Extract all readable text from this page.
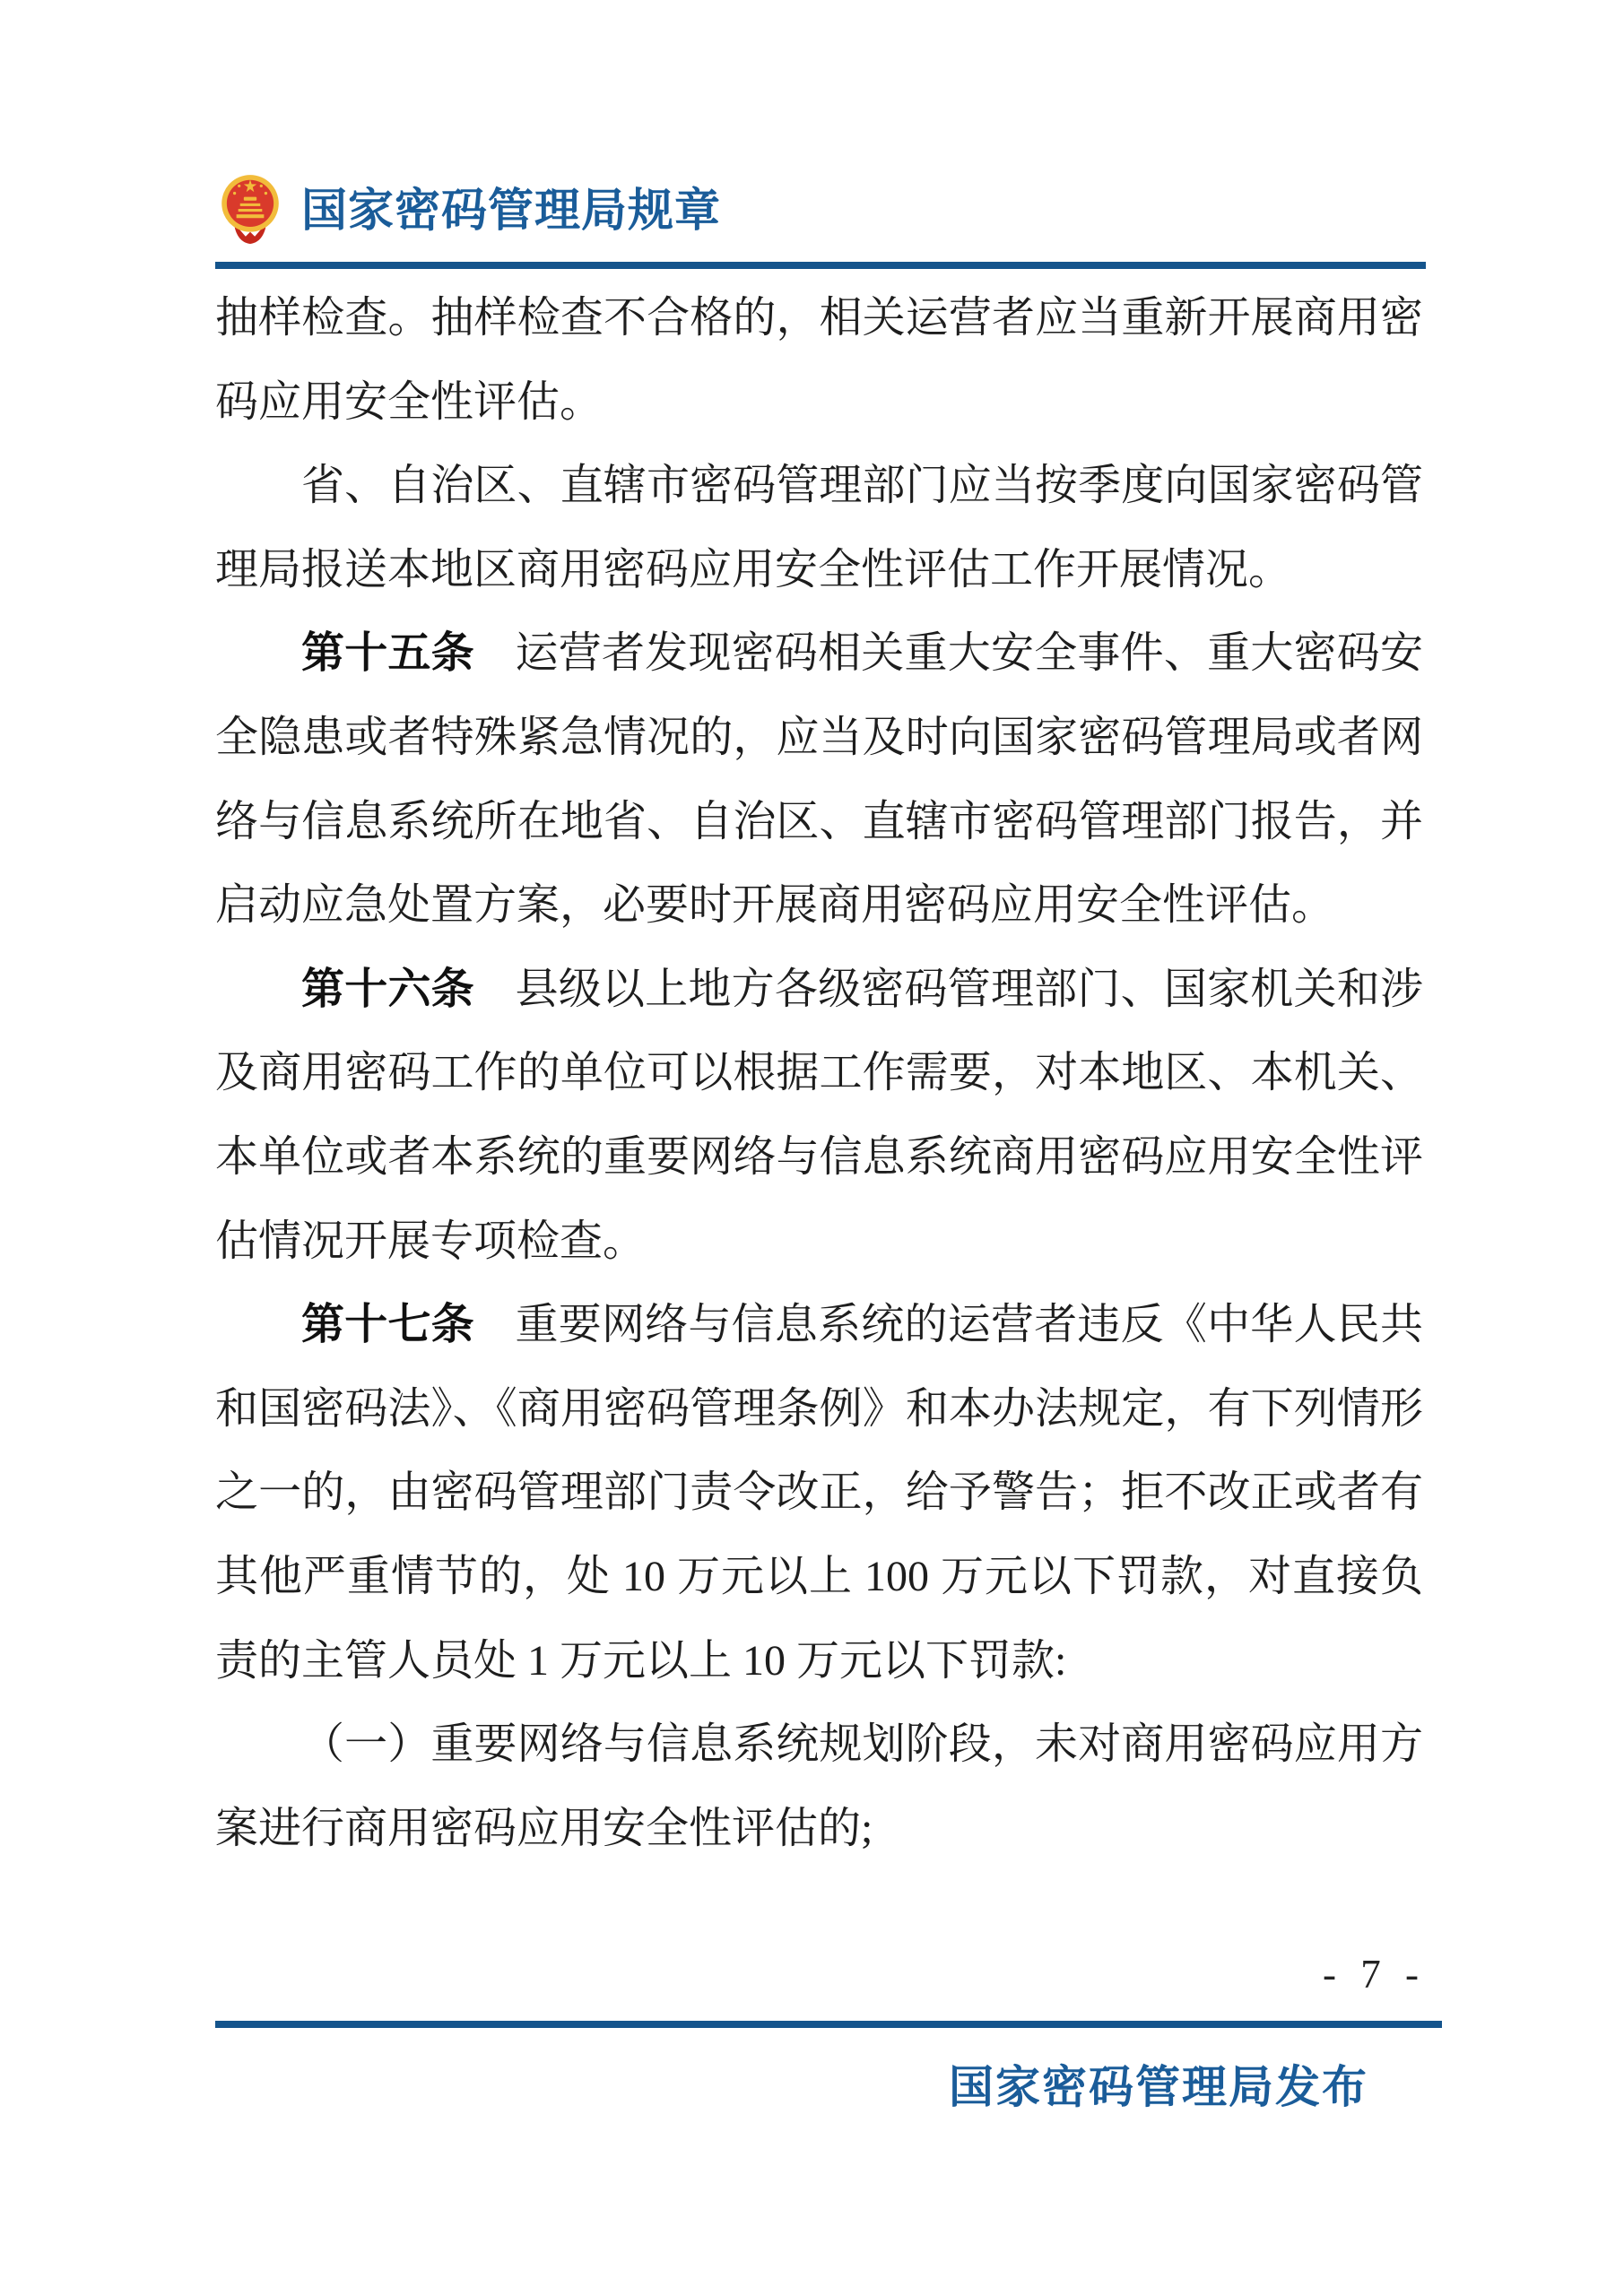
国家密码管理局规章

抽样检查。抽样检查不合格的，相关运营者应当重新开展商用密码应用安全性评估。

省、自治区、直辖市密码管理部门应当按季度向国家密码管理局报送本地区商用密码应用安全性评估工作开展情况。

第十五条 运营者发现密码相关重大安全事件、重大密码安全隐患或者特殊紧急情况的，应当及时向国家密码管理局或者网络与信息系统所在地省、自治区、直辖市密码管理部门报告，并启动应急处置方案，必要时开展商用密码应用安全性评估。

第十六条 县级以上地方各级密码管理部门、国家机关和涉及商用密码工作的单位可以根据工作需要，对本地区、本机关、本单位或者本系统的重要网络与信息系统商用密码应用安全性评估情况开展专项检查。

第十七条 重要网络与信息系统的运营者违反《中华人民共和国密码法》、《商用密码管理条例》和本办法规定，有下列情形之一的，由密码管理部门责令改正，给予警告；拒不改正或者有其他严重情节的，处 10 万元以上 100 万元以下罚款，对直接负责的主管人员处 1 万元以上 10 万元以下罚款:

（一）重要网络与信息系统规划阶段，未对商用密码应用方案进行商用密码应用安全性评估的;

- 7 -
国家密码管理局发布
